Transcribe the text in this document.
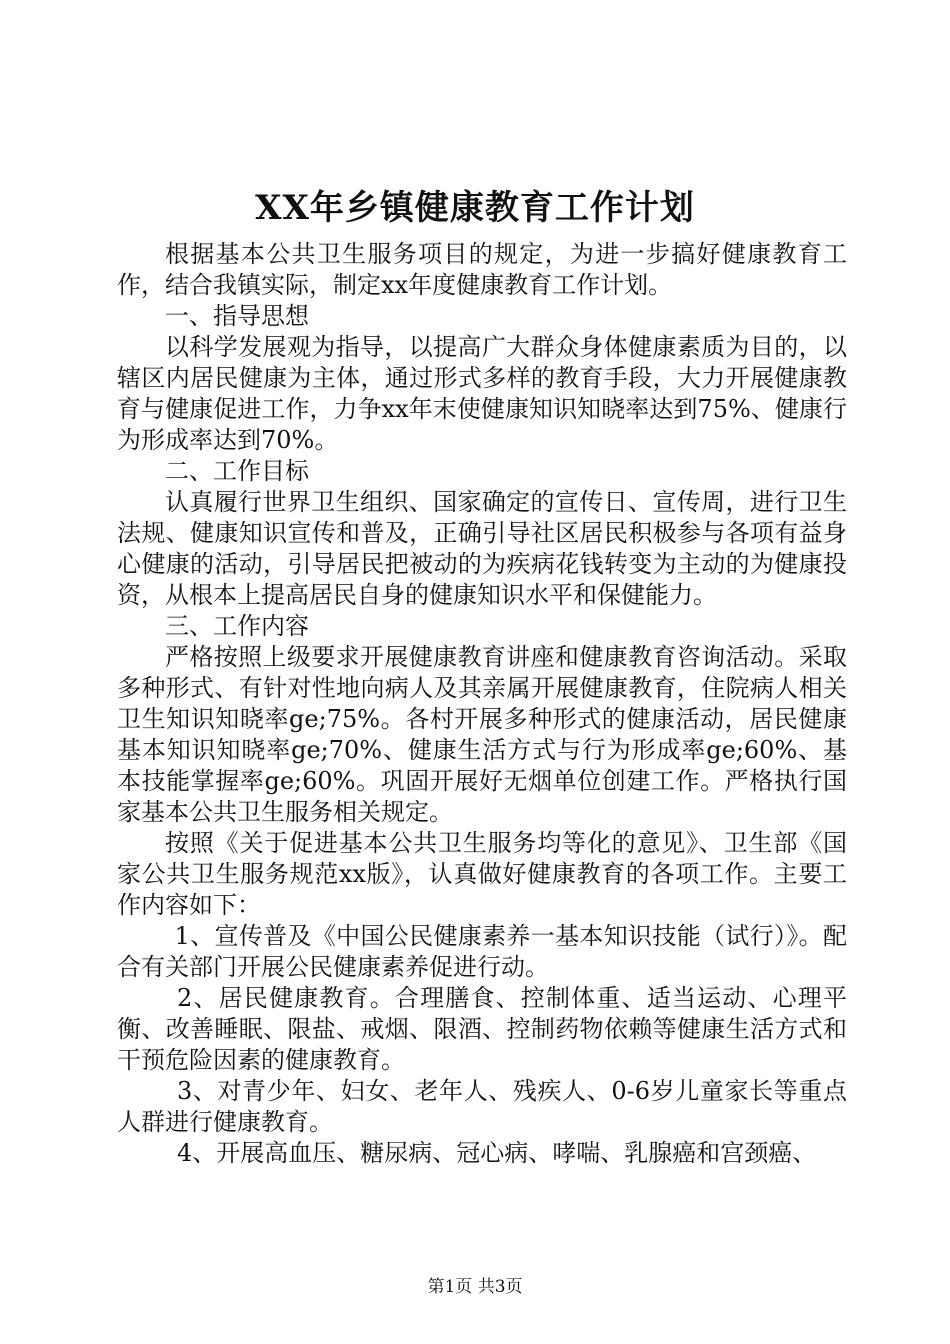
XX年乡镇健康教育工作计划

根据基本公共卫生服务项目的规定，为进一步搞好健康教育工作，结合我镇实际，制定xx年度健康教育工作计划。

一、指导思想

以科学发展观为指导，以提高广大群众身体健康素质为目的，以辖区内居民健康为主体，通过形式多样的教育手段，大力开展健康教育与健康促进工作，力争xx年末使健康知识知晓率达到75%、健康行为形成率达到70%。

二、工作目标

认真履行世界卫生组织、国家确定的宣传日、宣传周，进行卫生法规、健康知识宣传和普及，正确引导社区居民积极参与各项有益身心健康的活动，引导居民把被动的为疾病花钱转变为主动的为健康投资，从根本上提高居民自身的健康知识水平和保健能力。

三、工作内容

严格按照上级要求开展健康教育讲座和健康教育咨询活动。采取多种形式、有针对性地向病人及其亲属开展健康教育，住院病人相关卫生知识知晓率ge;75%。各村开展多种形式的健康活动，居民健康基本知识知晓率ge;70%、健康生活方式与行为形成率ge;60%、基本技能掌握率ge;60%。巩固开展好无烟单位创建工作。严格执行国家基本公共卫生服务相关规定。

按照《关于促进基本公共卫生服务均等化的意见》、卫生部《国家公共卫生服务规范xx版》，认真做好健康教育的各项工作。主要工作内容如下：

1、宣传普及《中国公民健康素养一基本知识技能（试行）》。配合有关部门开展公民健康素养促进行动。

2、居民健康教育。合理膳食、控制体重、适当运动、心理平衡、改善睡眠、限盐、戒烟、限酒、控制药物依赖等健康生活方式和干预危险因素的健康教育。

3、对青少年、妇女、老年人、残疾人、0-6岁儿童家长等重点人群进行健康教育。

4、开展高血压、糖尿病、冠心病、哮喘、乳腺癌和宫颈癌、

第1页 共3页
